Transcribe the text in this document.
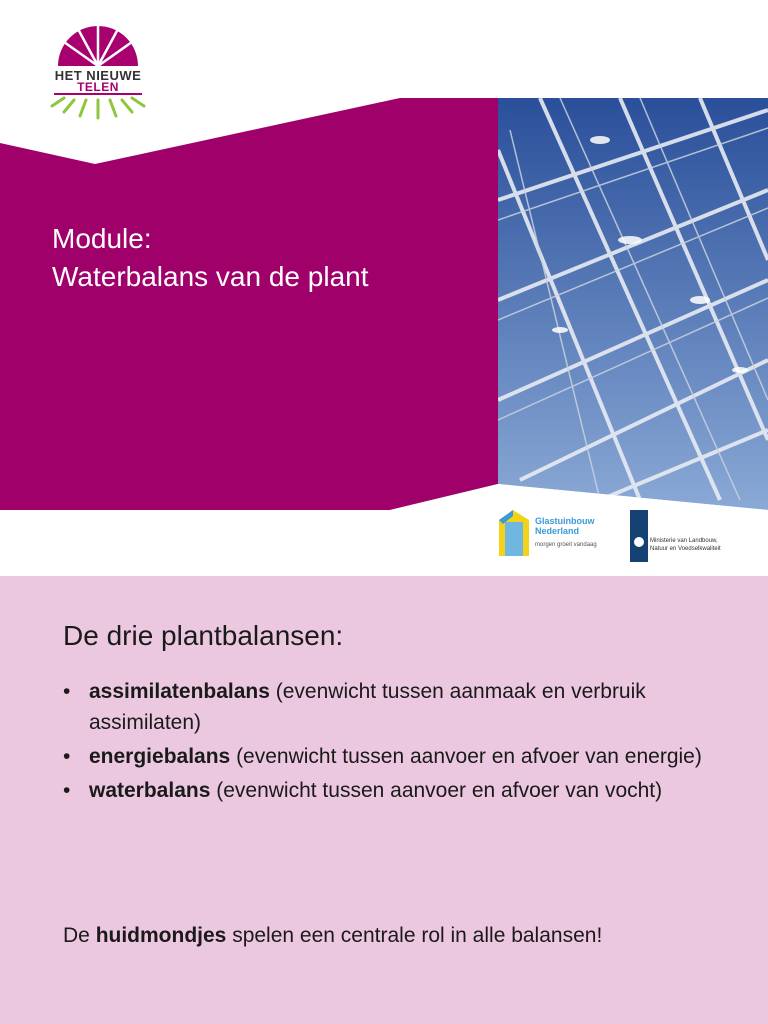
HET NIEUWE
TELEN
Module:
Waterbalans van de plant
Glastuinbouw
Nederland
morgen groeit vandaag
Ministerie van Landbouw,
Natuur en Voedselkwaliteit
De drie plantbalansen:
• assimilatenbalans (evenwicht tussen aanmaak en verbruik assimilaten)
• energiebalans (evenwicht tussen aanvoer en afvoer van energie)
• waterbalans (evenwicht tussen aanvoer en afvoer van vocht)
De huidmondjes spelen een centrale rol in alle balansen!
